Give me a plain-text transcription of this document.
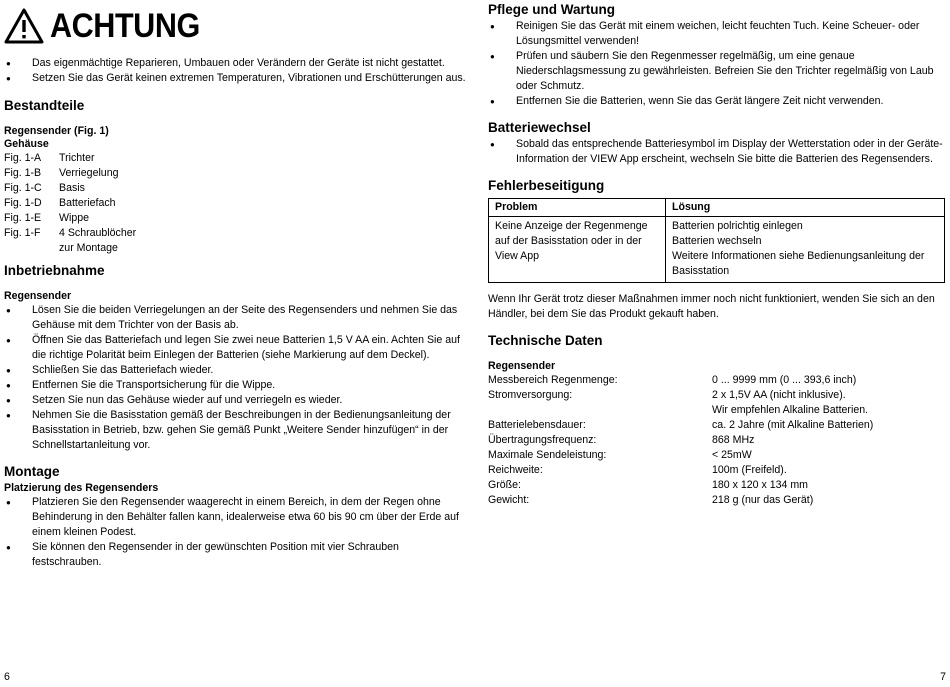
ACHTUNG
● Das eigenmächtige Reparieren, Umbauen oder Verändern der Geräte ist nicht gestattet.
● Setzen Sie das Gerät keinen extremen Temperaturen, Vibrationen und Erschütterungen aus.
Bestandteile
Regensender (Fig. 1)
Gehäuse
Fig. 1-A	Trichter
Fig. 1-B	Verriegelung
Fig. 1-C	Basis
Fig. 1-D	Batteriefach
Fig. 1-E	Wippe
Fig. 1-F	4 Schraublöcher
zur Montage
Inbetriebnahme
Regensender
● Lösen Sie die beiden Verriegelungen an der Seite des Regensenders und nehmen Sie das Gehäuse mit dem Trichter von der Basis ab.
● Öffnen Sie das Batteriefach und legen Sie zwei neue Batterien 1,5 V AA ein. Achten Sie auf die richtige Polarität beim Einlegen der Batterien (siehe Markierung auf dem Deckel).
● Schließen Sie das Batteriefach wieder.
● Entfernen Sie die Transportsicherung für die Wippe.
● Setzen Sie nun das Gehäuse wieder auf und verriegeln es wieder.
● Nehmen Sie die Basisstation gemäß der Beschreibungen in der Bedienungsanleitung der Basisstation in Betrieb, bzw. gehen Sie gemäß Punkt „Weitere Sender hinzufügen“ in der Schnellstartanleitung vor.
Montage
Platzierung des Regensenders
● Platzieren Sie den Regensender waagerecht in einem Bereich, in dem der Regen ohne Behinderung in den Behälter fallen kann, idealerweise etwa 60 bis 90 cm über der Erde auf einem kleinen Podest.
● Sie können den Regensender in der gewünschten Position mit vier Schrauben festschrauben.
6
Pflege und Wartung
● Reinigen Sie das Gerät mit einem weichen, leicht feuchten Tuch. Keine Scheuer- oder Lösungsmittel verwenden!
● Prüfen und säubern Sie den Regenmesser regelmäßig, um eine genaue Niederschlagsmessung zu gewährleisten. Befreien Sie den Trichter regelmäßig von Laub oder Schmutz.
● Entfernen Sie die Batterien, wenn Sie das Gerät längere Zeit nicht verwenden.
Batteriewechsel
● Sobald das entsprechende Batteriesymbol im Display der Wetterstation oder in der Geräte-Information der VIEW App erscheint, wechseln Sie bitte die Batterien des Regensenders.
Fehlerbeseitigung
Problem	Lösung
Keine Anzeige der Regenmenge auf der Basisstation oder in der View App	Batterien polrichtig einlegen
Batterien wechseln
Weitere Informationen siehe Bedienungsanleitung der Basisstation

Wenn Ihr Gerät trotz dieser Maßnahmen immer noch nicht funktioniert, wenden Sie sich an den Händler, bei dem Sie das Produkt gekauft haben.

Technische Daten
Regensender
Messbereich Regenmenge:	0 ... 9999 mm (0 ... 393,6 inch)
Stromversorgung:	2 x 1,5V AA (nicht inklusive).
Wir empfehlen Alkaline Batterien.
Batterielebensdauer:	ca. 2 Jahre (mit Alkaline Batterien)
Übertragungsfrequenz:	868 MHz
Maximale Sendeleistung:	< 25mW
Reichweite:	100m (Freifeld).
Größe:	180 x 120 x 134 mm
Gewicht:	218 g (nur das Gerät)
7
